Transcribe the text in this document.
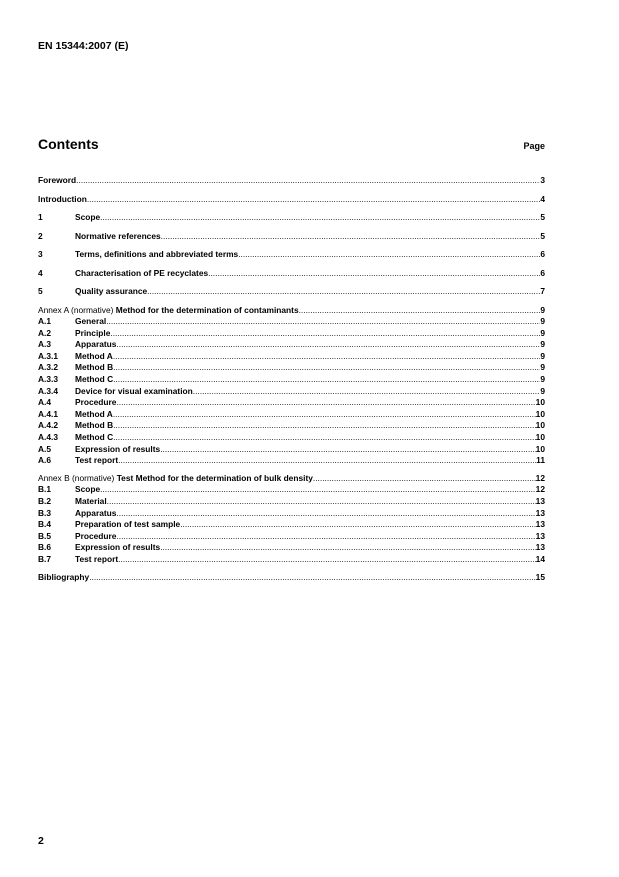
EN 15344:2007 (E)
Contents	Page
Foreword .....	3
Introduction .....	4
1	Scope .....	5
2	Normative references .....	5
3	Terms, definitions and abbreviated terms .....	6
4	Characterisation of PE recyclates .....	6
5	Quality assurance .....	7
Annex A (normative) Method for the determination of contaminants .....	9
A.1	General .....	9
A.2	Principle .....	9
A.3	Apparatus .....	9
A.3.1	Method A .....	9
A.3.2	Method B .....	9
A.3.3	Method C .....	9
A.3.4	Device for visual examination .....	9
A.4	Procedure .....	10
A.4.1	Method A .....	10
A.4.2	Method B .....	10
A.4.3	Method C .....	10
A.5	Expression of results .....	10
A.6	Test report .....	11
Annex B (normative) Test Method for the determination of bulk density .....	12
B.1	Scope .....	12
B.2	Material .....	13
B.3	Apparatus .....	13
B.4	Preparation of test sample .....	13
B.5	Procedure .....	13
B.6	Expression of results .....	13
B.7	Test report .....	14
Bibliography .....	15
2
